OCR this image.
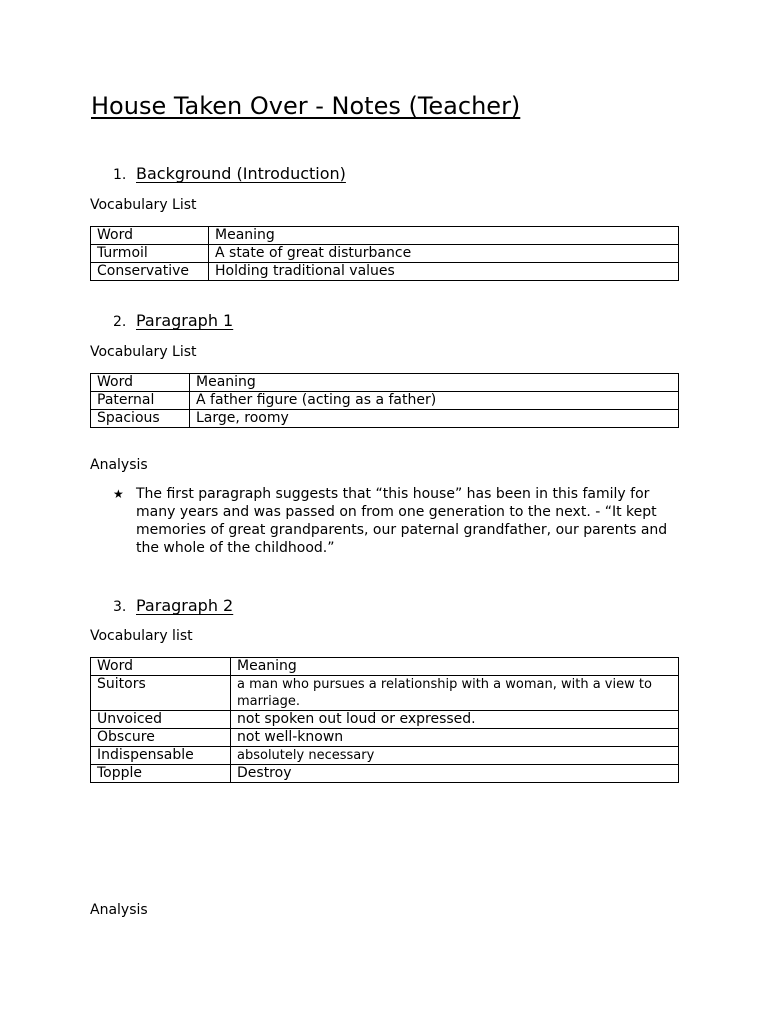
House Taken Over - Notes (Teacher)
1. Background (Introduction)
Vocabulary List
Word	Meaning
Turmoil	A state of great disturbance
Conservative	Holding traditional values
2. Paragraph 1
Vocabulary List
Word	Meaning
Paternal	A father figure (acting as a father)
Spacious	Large, roomy
Analysis
★ The first paragraph suggests that “this house” has been in this family for many years and was passed on from one generation to the next. - “It kept memories of great grandparents, our paternal grandfather, our parents and the whole of the childhood.”
3. Paragraph 2
Vocabulary list
Word	Meaning
Suitors	a man who pursues a relationship with a woman, with a view to marriage.
Unvoiced	not spoken out loud or expressed.
Obscure	not well-known
Indispensable	absolutely necessary
Topple	Destroy
Analysis
